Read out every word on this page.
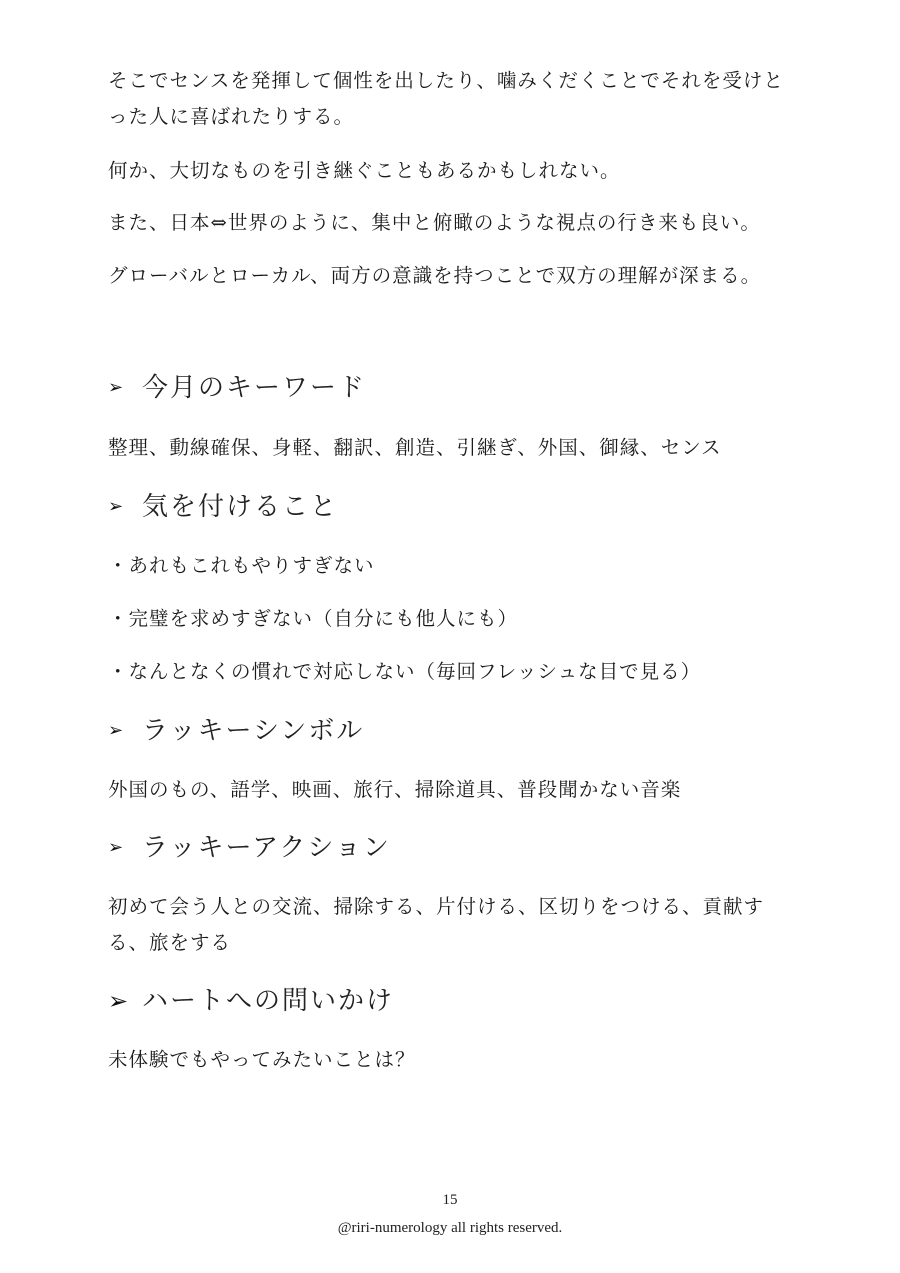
そこでセンスを発揮して個性を出したり、噛みくだくことでそれを受けとった人に喜ばれたりする。

何か、大切なものを引き継ぐこともあるかもしれない。

また、日本⇔世界のように、集中と俯瞰のような視点の行き来も良い。

グローバルとローカル、両方の意識を持つことで双方の理解が深まる。

➢ 今月のキーワード

整理、動線確保、身軽、翻訳、創造、引継ぎ、外国、御縁、センス

➢ 気を付けること

・あれもこれもやりすぎない

・完璧を求めすぎない（自分にも他人にも）

・なんとなくの慣れで対応しない（毎回フレッシュな目で見る）

➢ ラッキーシンボル

外国のもの、語学、映画、旅行、掃除道具、普段聞かない音楽

➢ ラッキーアクション

初めて会う人との交流、掃除する、片付ける、区切りをつける、貢献する、旅をする

➢ ハートへの問いかけ

未体験でもやってみたいことは？

15
@riri-numerology all rights reserved.
